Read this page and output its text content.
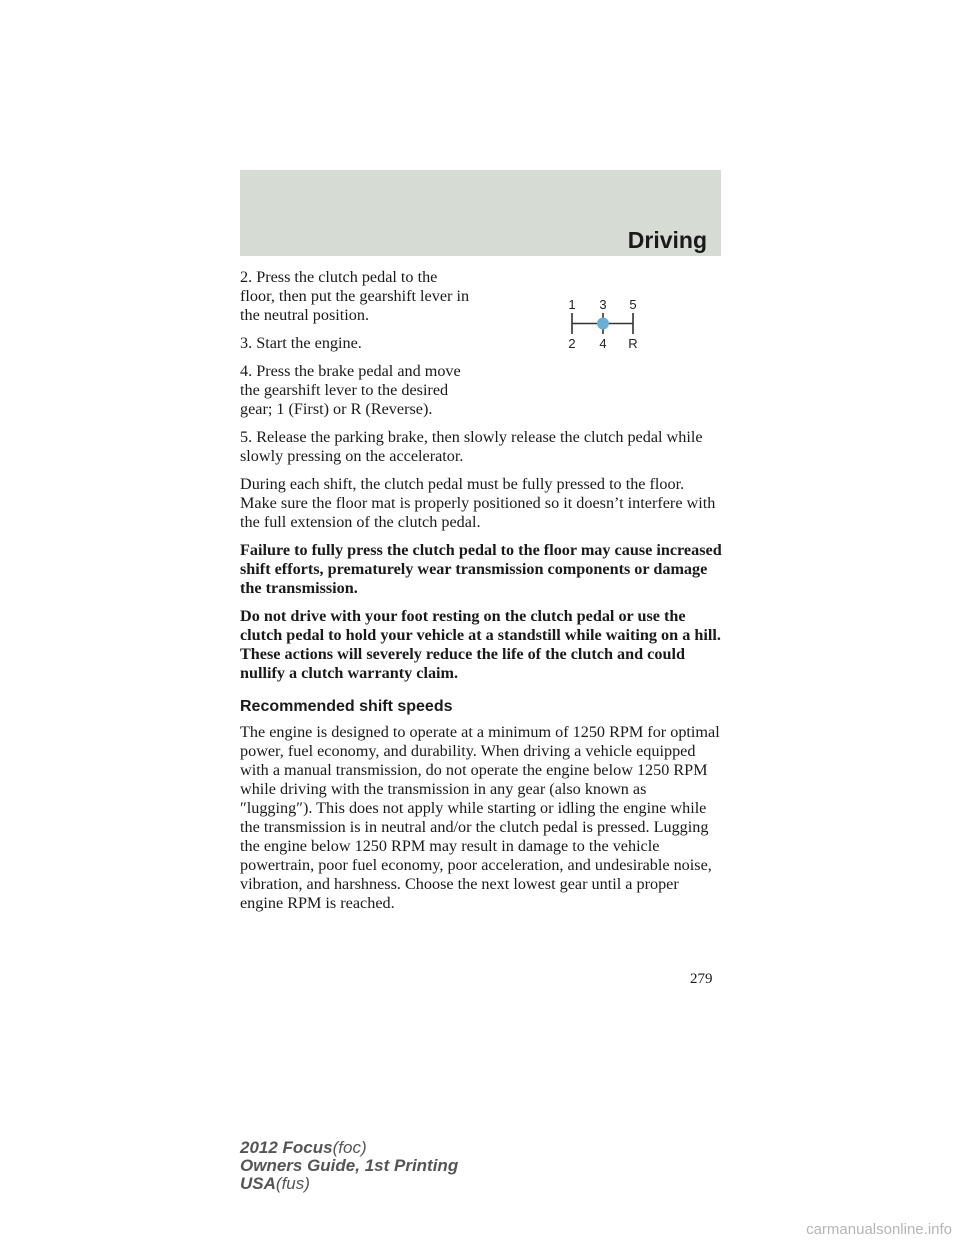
Driving
1 3 5
2 4 R

2. Press the clutch pedal to the floor, then put the gearshift lever in the neutral position.

3. Start the engine.

4. Press the brake pedal and move the gearshift lever to the desired gear; 1 (First) or R (Reverse).

5. Release the parking brake, then slowly release the clutch pedal while slowly pressing on the accelerator.

During each shift, the clutch pedal must be fully pressed to the floor. Make sure the floor mat is properly positioned so it doesn’t interfere with the full extension of the clutch pedal.

Failure to fully press the clutch pedal to the floor may cause increased shift efforts, prematurely wear transmission components or damage the transmission.

Do not drive with your foot resting on the clutch pedal or use the clutch pedal to hold your vehicle at a standstill while waiting on a hill. These actions will severely reduce the life of the clutch and could nullify a clutch warranty claim.

Recommended shift speeds

The engine is designed to operate at a minimum of 1250 RPM for optimal power, fuel economy, and durability. When driving a vehicle equipped with a manual transmission, do not operate the engine below 1250 RPM while driving with the transmission in any gear (also known as ″lugging″). This does not apply while starting or idling the engine while the transmission is in neutral and/or the clutch pedal is pressed. Lugging the engine below 1250 RPM may result in damage to the vehicle powertrain, poor fuel economy, poor acceleration, and undesirable noise, vibration, and harshness. Choose the next lowest gear until a proper engine RPM is reached.

279
2012 Focus(foc)
Owners Guide, 1st Printing
USA(fus)
carmanualsonline.info
